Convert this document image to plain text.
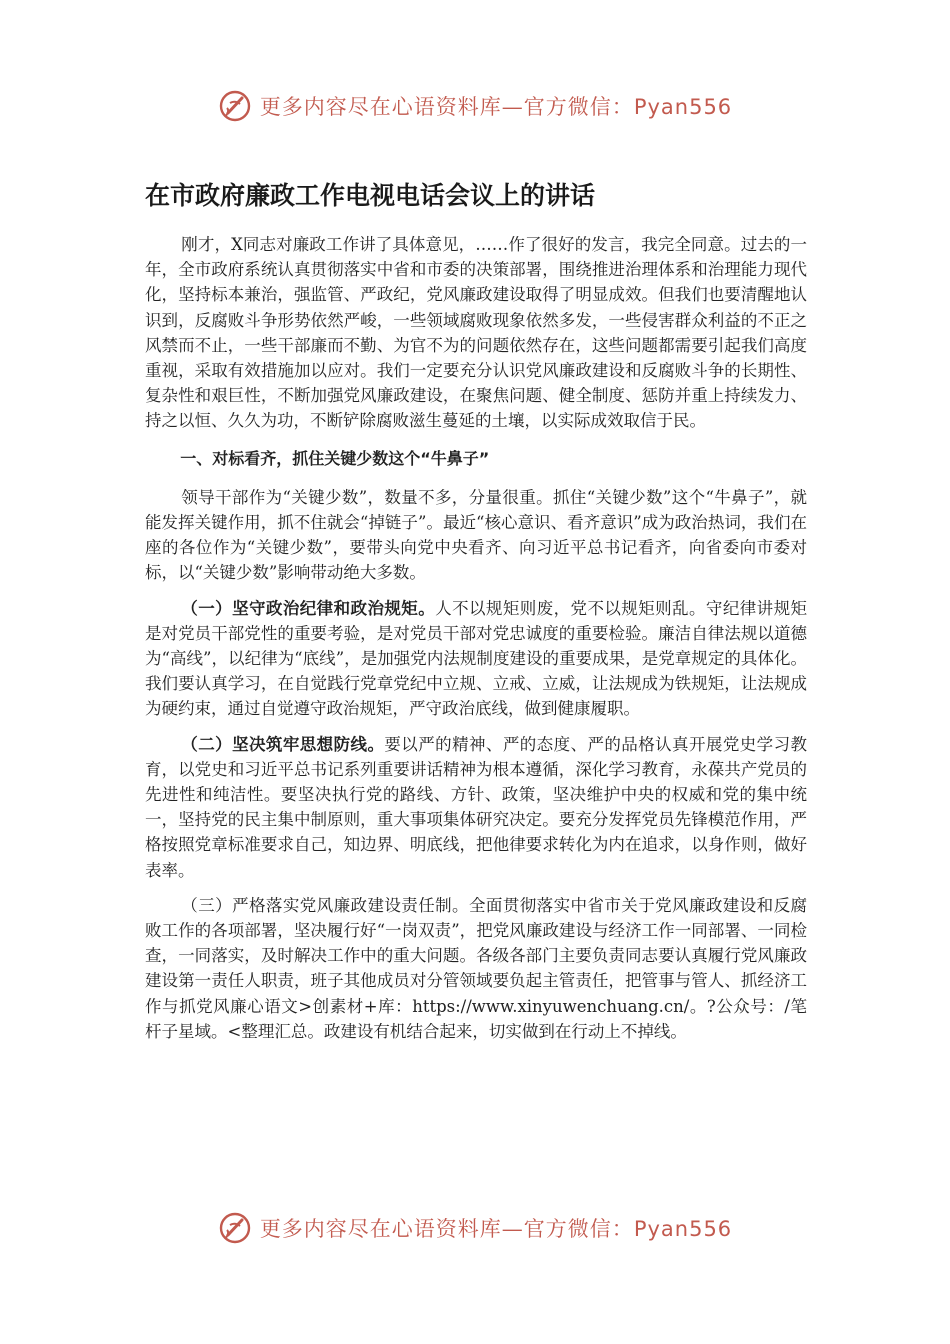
更多内容尽在心语资料库—官方微信：Pyan556
在市政府廉政工作电视电话会议上的讲话

刚才，X同志对廉政工作讲了具体意见，……作了很好的发言，我完全同意。过去的一年，全市政府系统认真贯彻落实中省和市委的决策部署，围绕推进治理体系和治理能力现代化，坚持标本兼治，强监管、严政纪，党风廉政建设取得了明显成效。但我们也要清醒地认识到，反腐败斗争形势依然严峻，一些领域腐败现象依然多发，一些侵害群众利益的不正之风禁而不止，一些干部廉而不勤、为官不为的问题依然存在，这些问题都需要引起我们高度重视，采取有效措施加以应对。我们一定要充分认识党风廉政建设和反腐败斗争的长期性、复杂性和艰巨性，不断加强党风廉政建设，在聚焦问题、健全制度、惩防并重上持续发力、持之以恒、久久为功，不断铲除腐败滋生蔓延的土壤，以实际成效取信于民。

一、对标看齐，抓住关键少数这个“牛鼻子”

领导干部作为“关键少数”，数量不多，分量很重。抓住“关键少数”这个“牛鼻子”，就能发挥关键作用，抓不住就会“掉链子”。最近“核心意识、看齐意识”成为政治热词，我们在座的各位作为“关键少数”，要带头向党中央看齐、向习近平总书记看齐，向省委向市委对标，以“关键少数”影响带动绝大多数。

（一）坚守政治纪律和政治规矩。人不以规矩则废，党不以规矩则乱。守纪律讲规矩是对党员干部党性的重要考验，是对党员干部对党忠诚度的重要检验。廉洁自律法规以道德为“高线”，以纪律为“底线”，是加强党内法规制度建设的重要成果，是党章规定的具体化。我们要认真学习，在自觉践行党章党纪中立规、立戒、立威，让法规成为铁规矩，让法规成为硬约束，通过自觉遵守政治规矩，严守政治底线，做到健康履职。

（二）坚决筑牢思想防线。要以严的精神、严的态度、严的品格认真开展党史学习教育，以党史和习近平总书记系列重要讲话精神为根本遵循，深化学习教育，永葆共产党员的先进性和纯洁性。要坚决执行党的路线、方针、政策，坚决维护中央的权威和党的集中统一，坚持党的民主集中制原则，重大事项集体研究决定。要充分发挥党员先锋模范作用，严格按照党章标准要求自己，知边界、明底线，把他律要求转化为内在追求，以身作则，做好表率。

（三）严格落实党风廉政建设责任制。全面贯彻落实中省市关于党风廉政建设和反腐败工作的各项部署，坚决履行好“一岗双责”，把党风廉政建设与经济工作一同部署、一同检查，一同落实，及时解决工作中的重大问题。各级各部门主要负责同志要认真履行党风廉政建设第一责任人职责，班子其他成员对分管领域要负起主管责任，把管事与管人、抓经济工作与抓党风廉心语文>创素材+库：https://www.xinyuwenchuang.cn/。?公众号：/笔杆子星域。<整理汇总。政建设有机结合起来，切实做到在行动上不掉线。

更多内容尽在心语资料库—官方微信：Pyan556
